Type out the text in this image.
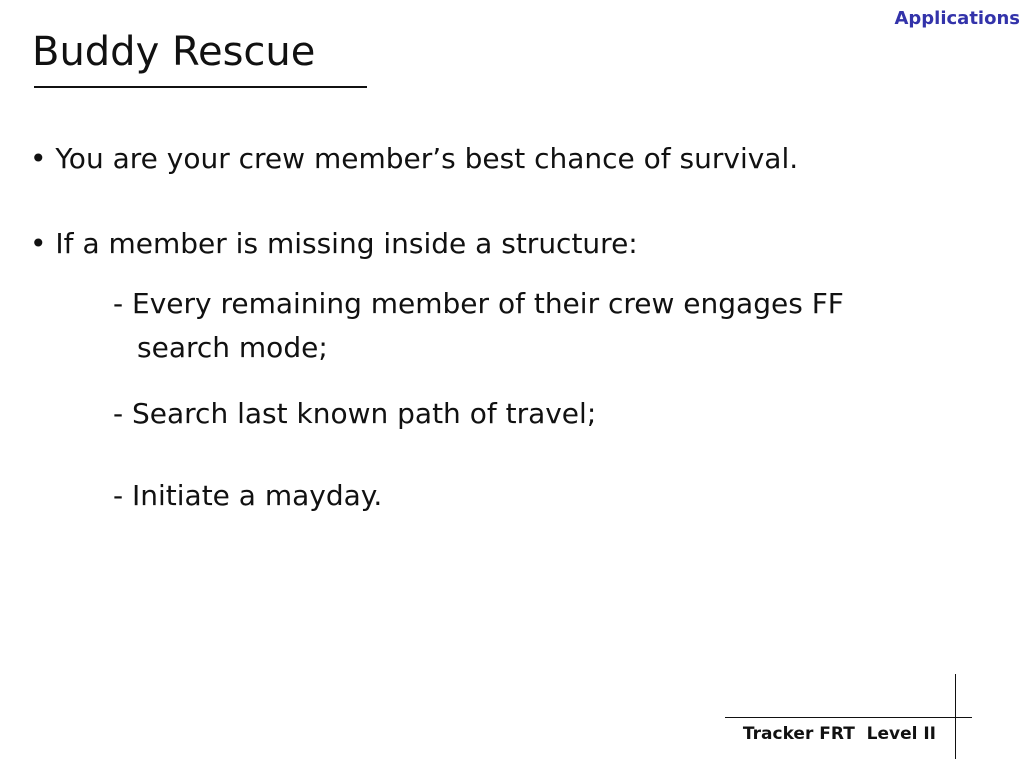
Applications
Buddy Rescue
• You are your crew member’s best chance of survival.
• If a member is missing inside a structure:
- Every remaining member of their crew engages FF
search mode;
- Search last known path of travel;
- Initiate a mayday.
Tracker FRT  Level II
